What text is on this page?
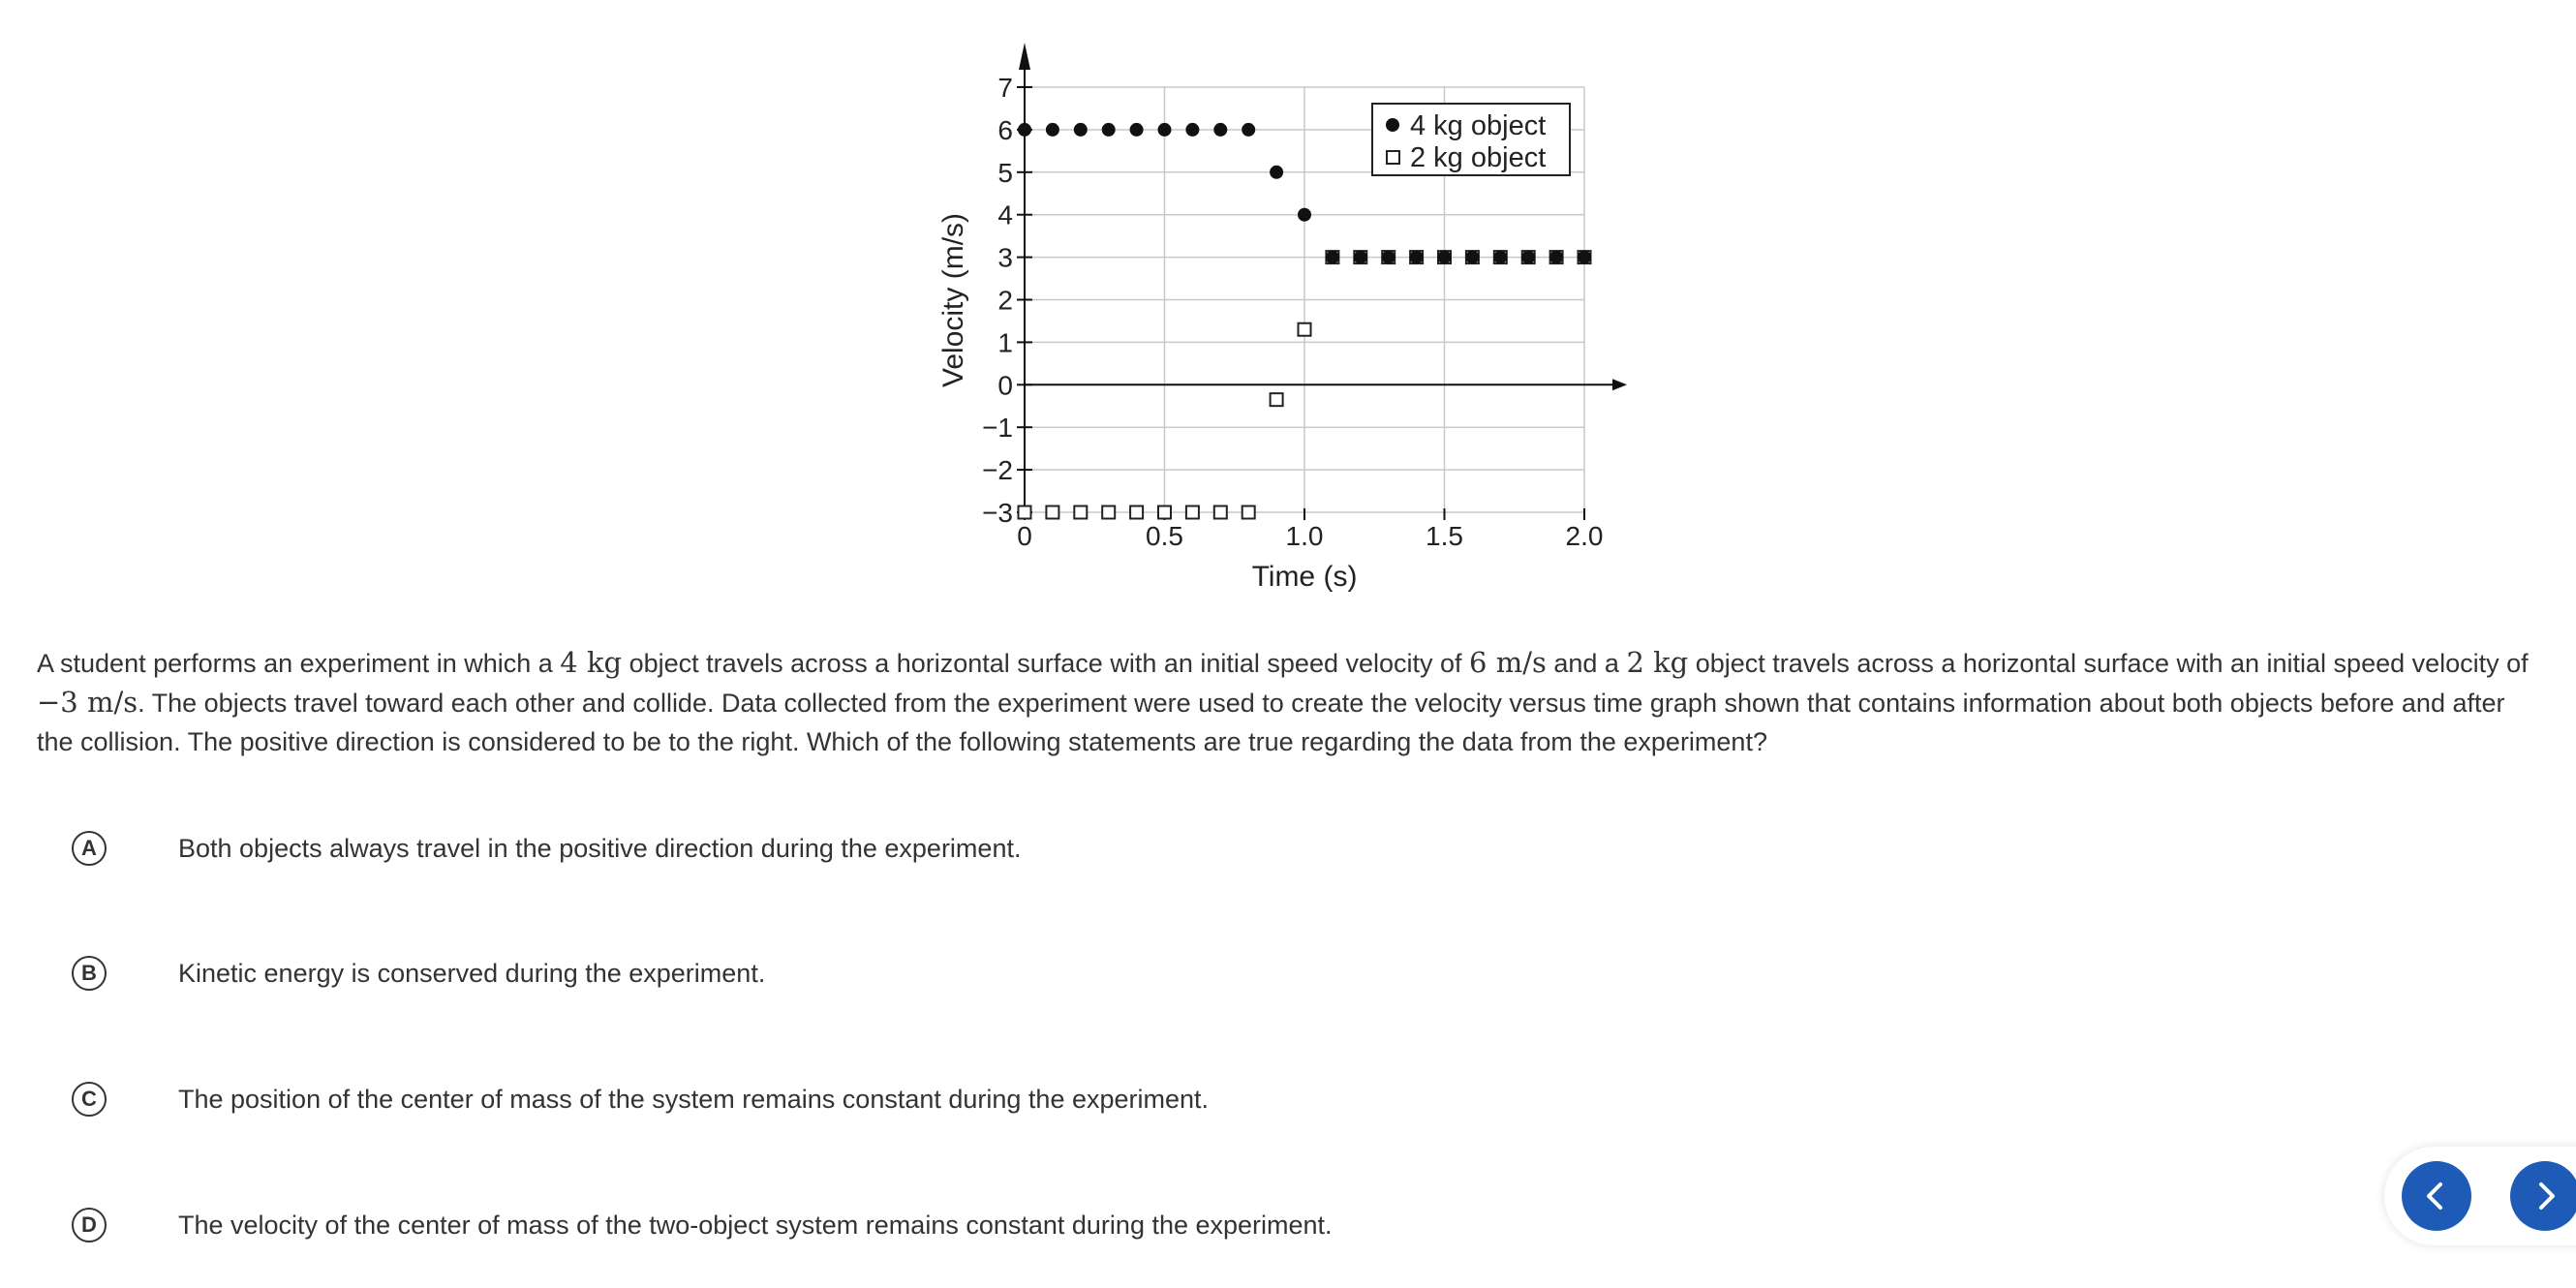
7
6
5
4
3
2
1
0
−1
−2
−3
0	0.5	1.0	1.5	2.0
4 kg object
2 kg object
Time (s)
Velocity (m/s)

A student performs an experiment in which a 4 kg object travels across a horizontal surface with an initial speed velocity of 6 m/s and a 2 kg object travels across a horizontal surface with an initial speed velocity of −3 m/s. The objects travel toward each other and collide. Data collected from the experiment were used to create the velocity versus time graph shown that contains information about both objects before and after the collision. The positive direction is considered to be to the right. Which of the following statements are true regarding the data from the experiment?

A	Both objects always travel in the positive direction during the experiment.
B	Kinetic energy is conserved during the experiment.
C	The position of the center of mass of the system remains constant during the experiment.
D	The velocity of the center of mass of the two-object system remains constant during the experiment.
